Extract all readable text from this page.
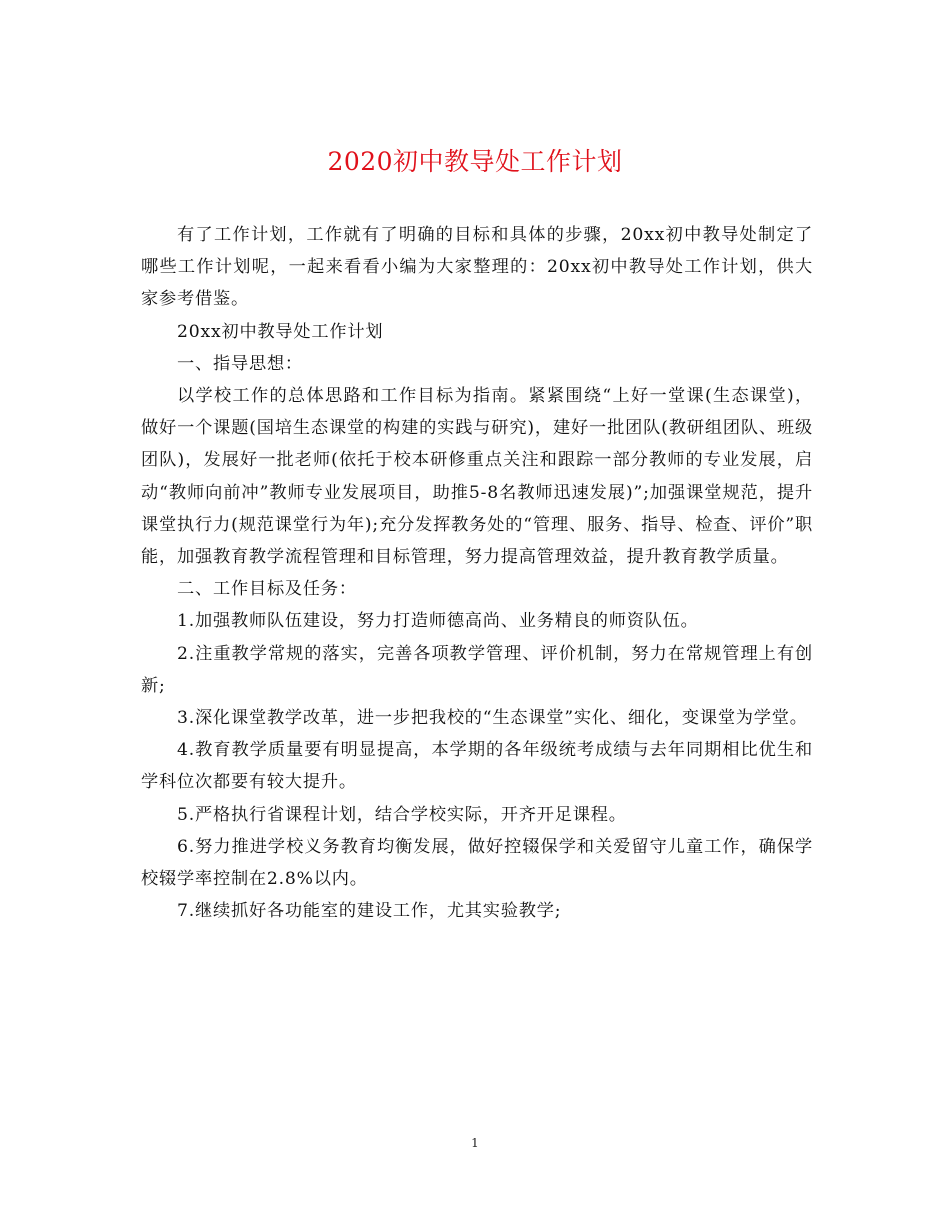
2020初中教导处工作计划

有了工作计划，工作就有了明确的目标和具体的步骤，20xx初中教导处制定了哪些工作计划呢，一起来看看小编为大家整理的：20xx初中教导处工作计划，供大家参考借鉴。

20xx初中教导处工作计划

一、指导思想：

以学校工作的总体思路和工作目标为指南。紧紧围绕“上好一堂课(生态课堂)，做好一个课题(国培生态课堂的构建的实践与研究)，建好一批团队(教研组团队、班级团队)，发展好一批老师(依托于校本研修重点关注和跟踪一部分教师的专业发展，启动“教师向前冲”教师专业发展项目，助推5-8名教师迅速发展)”;加强课堂规范，提升课堂执行力(规范课堂行为年);充分发挥教务处的“管理、服务、指导、检查、评价”职能，加强教育教学流程管理和目标管理，努力提高管理效益，提升教育教学质量。

二、工作目标及任务：

1.加强教师队伍建设，努力打造师德高尚、业务精良的师资队伍。

2.注重教学常规的落实，完善各项教学管理、评价机制，努力在常规管理上有创新;

3.深化课堂教学改革，进一步把我校的“生态课堂”实化、细化，变课堂为学堂。

4.教育教学质量要有明显提高，本学期的各年级统考成绩与去年同期相比优生和学科位次都要有较大提升。

5.严格执行省课程计划，结合学校实际，开齐开足课程。

6.努力推进学校义务教育均衡发展，做好控辍保学和关爱留守儿童工作，确保学校辍学率控制在2.8%以内。

7.继续抓好各功能室的建设工作，尤其实验教学;

1
